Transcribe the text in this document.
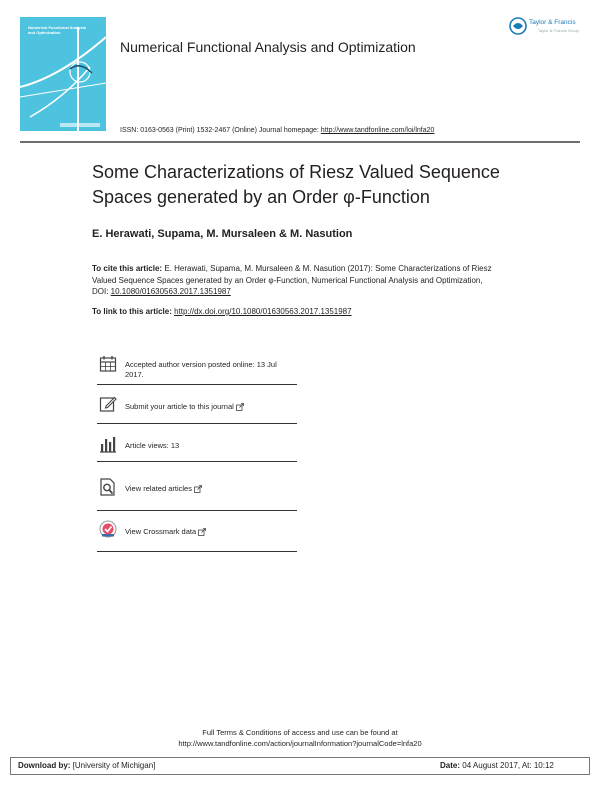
Numerical Functional Analysis and Optimization
Numerical Functional Analysis and Optimization
Taylor & Francis
Taylor & Francis Group
ISSN: 0163-0563 (Print) 1532-2467 (Online) Journal homepage: http://www.tandfonline.com/loi/lnfa20
Some Characterizations of Riesz Valued Sequence
Spaces generated by an Order φ-Function
E. Herawati, Supama, M. Mursaleen & M. Nasution
To cite this article: E. Herawati, Supama, M. Mursaleen & M. Nasution (2017): Some Characterizations of Riesz Valued Sequence Spaces generated by an Order φ-Function, Numerical Functional Analysis and Optimization, DOI: 10.1080/01630563.2017.1351987
To link to this article: http://dx.doi.org/10.1080/01630563.2017.1351987
Accepted author version posted online: 13 Jul 2017.
Submit your article to this journal
Article views: 13
View related articles
View Crossmark data
Full Terms & Conditions of access and use can be found at
http://www.tandfonline.com/action/journalInformation?journalCode=lnfa20
Download by: [University of Michigan]	Date: 04 August 2017, At: 10:12
